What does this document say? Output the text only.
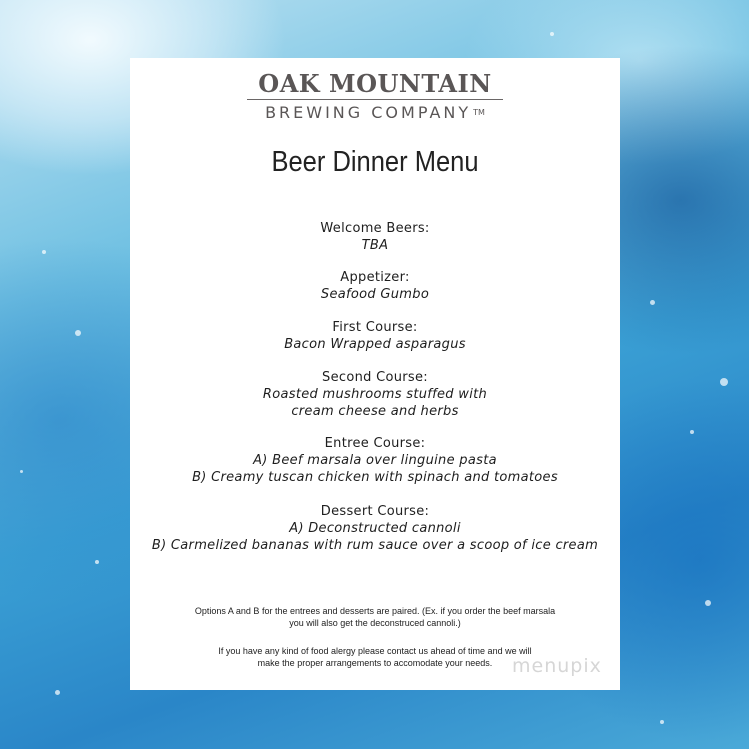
OAK MOUNTAIN
BREWING COMPANY ™
Beer Dinner Menu
Welcome Beers:
TBA
Appetizer:
Seafood Gumbo
First Course:
Bacon Wrapped asparagus
Second Course:
Roasted mushrooms stuffed with
cream cheese and herbs
Entree Course:
A) Beef marsala over linguine pasta
B) Creamy tuscan chicken with spinach and tomatoes
Dessert Course:
A) Deconstructed cannoli
B) Carmelized bananas with rum sauce over a scoop of ice cream
Options A and B for the entrees and desserts are paired. (Ex. if you order the beef marsala
you will also get the deconstruced cannoli.)
If you have any kind of food alergy please contact us ahead of time and we will
make the proper arrangements to accomodate your needs.	menupix
